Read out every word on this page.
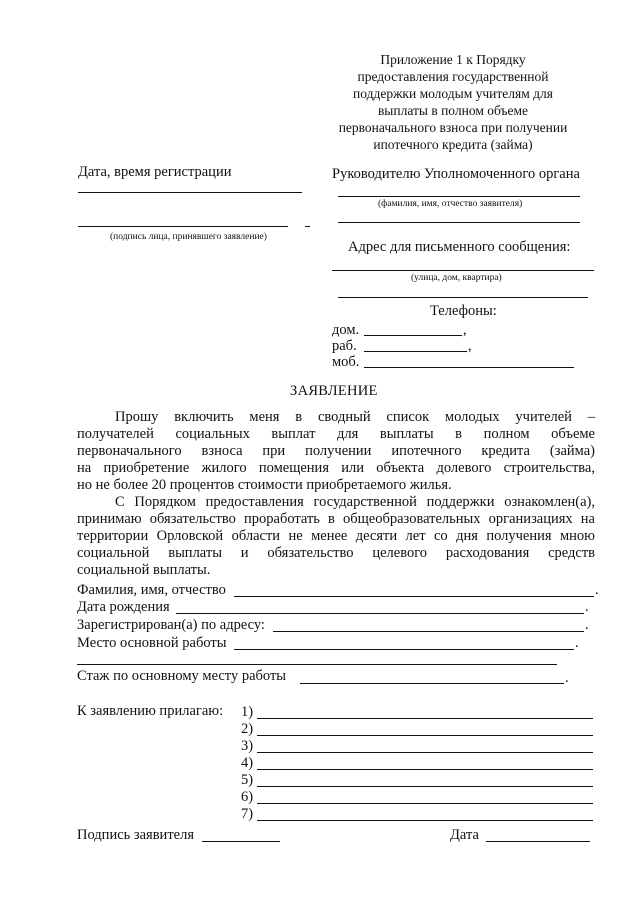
Приложение 1 к Порядку
предоставления государственной
поддержки молодым учителям для
выплаты в полном объеме
первоначального взноса при получении
ипотечного кредита (займа)
Дата, время регистрации
(подпись лица, принявшего заявление)
Руководителю Уполномоченного органа
(фамилия, имя, отчество заявителя)
Адрес для письменного сообщения:
(улица, дом, квартира)
Телефоны:
дом.	,
раб.	,
моб.
ЗАЯВЛЕНИЕ
Прошу включить меня в сводный список молодых учителей –
получателей социальных выплат для выплаты в полном объеме
первоначального взноса при получении ипотечного кредита (займа)
на приобретение жилого помещения или объекта долевого строительства,
но не более 20 процентов стоимости приобретаемого жилья.
С Порядком предоставления государственной поддержки ознакомлен(а),
принимаю обязательство проработать в общеобразовательных организациях на
территории Орловской области не менее десяти лет со дня получения мною
социальной выплаты и обязательство целевого расходования средств
социальной выплаты.
Фамилия, имя, отчество	.
Дата рождения	.
Зарегистрирован(а) по адресу:	.
Место основной работы	.
Стаж по основному месту работы	.
К заявлению прилагаю: 1)
2)
3)
4)
5)
6)
7)
Подпись заявителя	Дата
